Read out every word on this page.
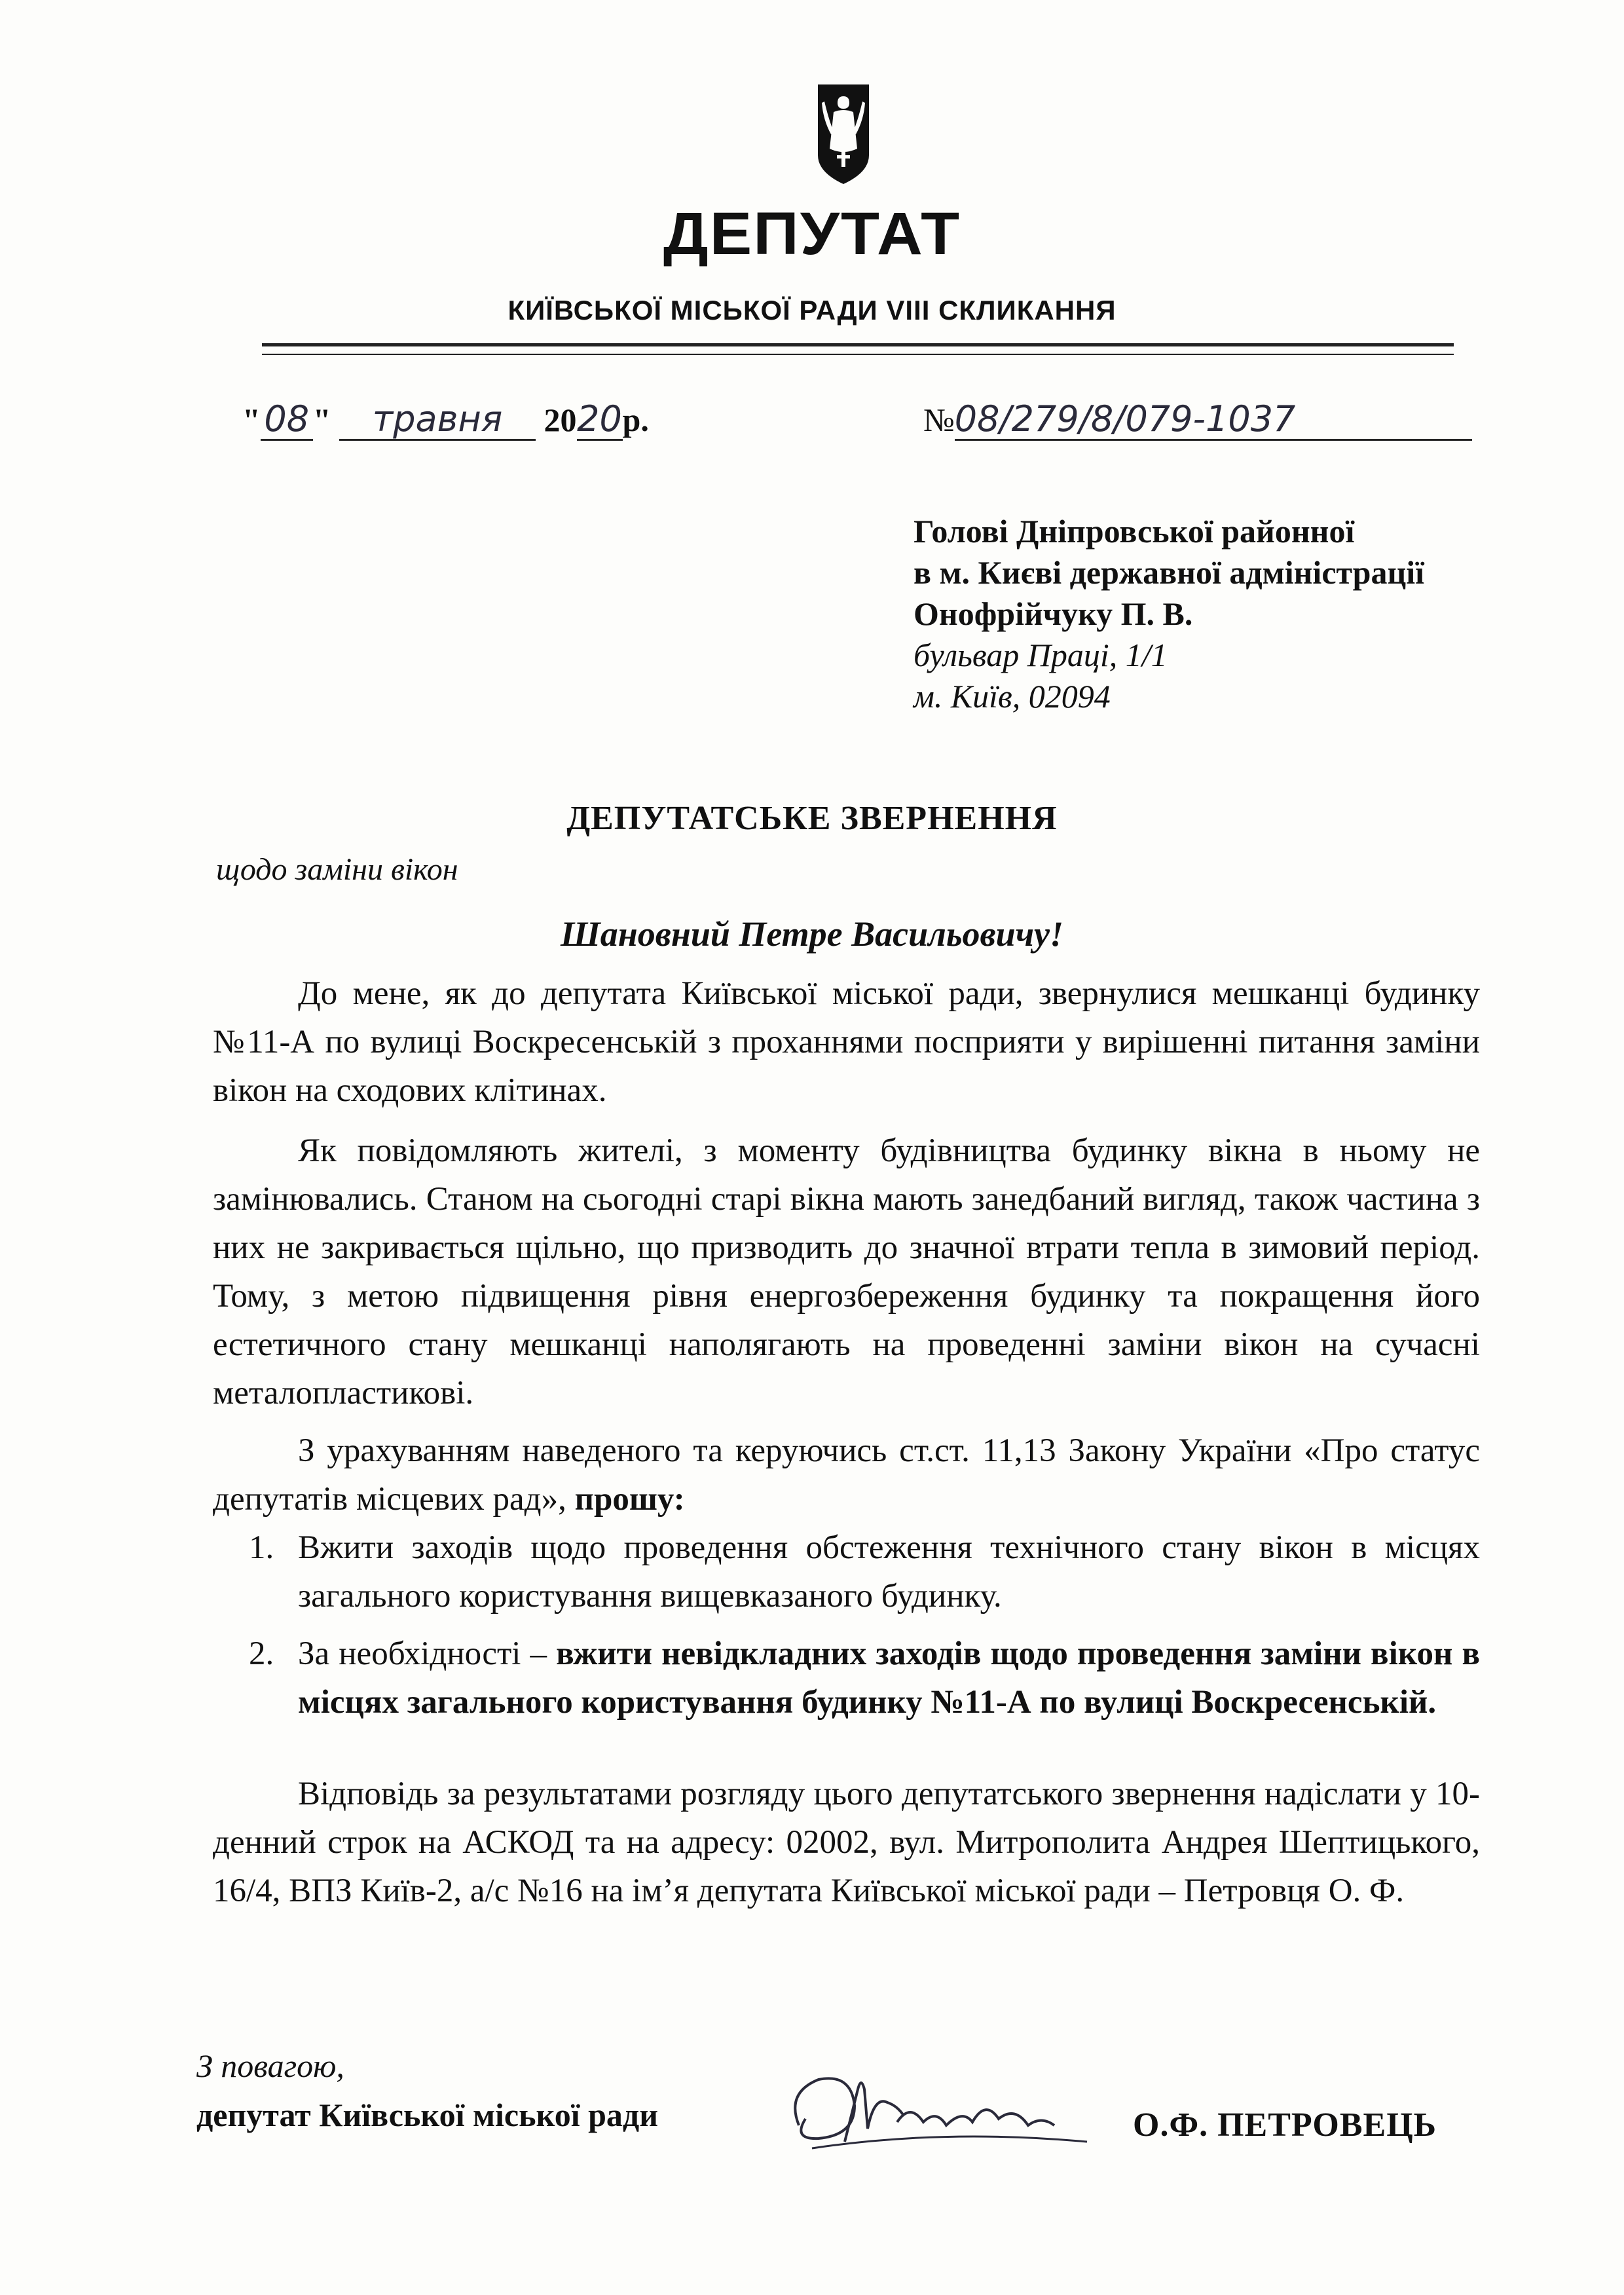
ДЕПУТАТ
КИЇВСЬКОЇ МІСЬКОЇ РАДИ VIII СКЛИКАННЯ
" 08 " травня 2020р.	№08/279/8/079-1037
Голові Дніпровської районної
в м. Києві державної адміністрації
Онофрійчуку П. В.
бульвар Праці, 1/1
м. Київ, 02094
ДЕПУТАТСЬКЕ ЗВЕРНЕННЯ
щодо заміни вікон
Шановний Петре Васильовичу!

До мене, як до депутата Київської міської ради, звернулися мешканці будинку №11-А по вулиці Воскресенській з проханнями посприяти у вирішенні питання заміни вікон на сходових клітинах.

Як повідомляють жителі, з моменту будівництва будинку вікна в ньому не замінювались. Станом на сьогодні старі вікна мають занедбаний вигляд, також частина з них не закривається щільно, що призводить до значної втрати тепла в зимовий період. Тому, з метою підвищення рівня енергозбереження будинку та покращення його естетичного стану мешканці наполягають на проведенні заміни вікон на сучасні металопластикові.

З урахуванням наведеного та керуючись ст.ст. 11,13 Закону України «Про статус депутатів місцевих рад», прошу:

1. Вжити заходів щодо проведення обстеження технічного стану вікон в місцях загального користування вищевказаного будинку.
2. За необхідності – вжити невідкладних заходів щодо проведення заміни вікон в місцях загального користування будинку №11-А по вулиці Воскресенській.

Відповідь за результатами розгляду цього депутатського звернення надіслати у 10-денний строк на АСКОД та на адресу: 02002, вул. Митрополита Андрея Шептицького, 16/4, ВПЗ Київ-2, а/с №16 на ім’я депутата Київської міської ради – Петровця О. Ф.

З повагою,
депутат Київської міської ради	О.Ф. ПЕТРОВЕЦЬ
